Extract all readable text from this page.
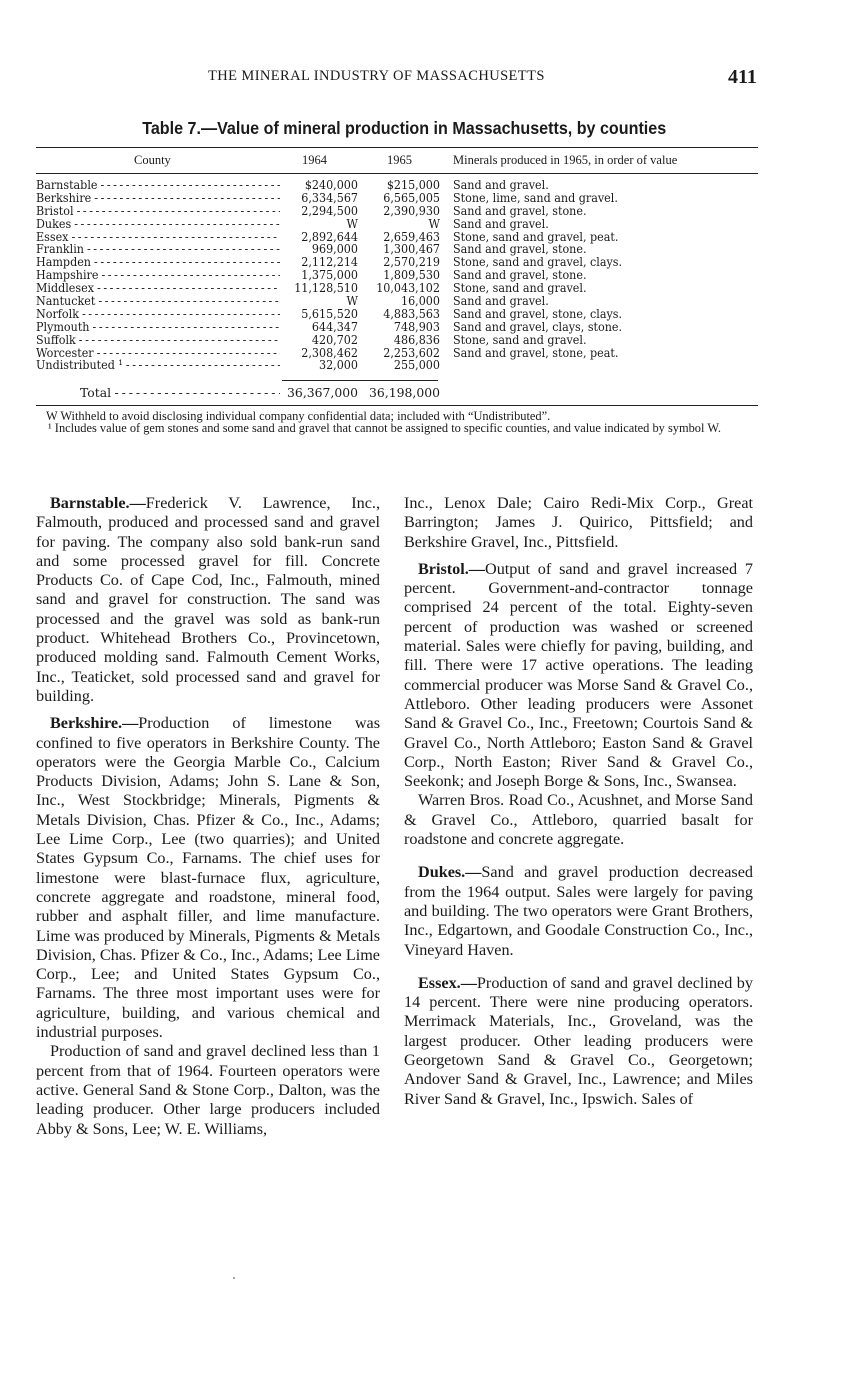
THE MINERAL INDUSTRY OF MASSACHUSETTS	411
Table 7.—Value of mineral production in Massachusetts, by counties
County	1964	1965	Minerals produced in 1965, in order of value
Barnstable - - -	$240,000 $215,000 Sand and gravel.
Berkshire - - -	6,334,567 6,565,005 Stone, lime, sand and gravel.
Bristol - - -	2,294,500 2,390,930 Sand and gravel, stone.
Dukes - - -	W	W Sand and gravel.
Essex - - -	2,892,644 2,659,463 Stone, sand and gravel, peat.
Franklin - - -	969,000 1,300,467 Sand and gravel, stone.
Hampden - - -	2,112,214 2,570,219 Stone, sand and gravel, clays.
Hampshire - - -	1,375,000 1,809,530 Sand and gravel, stone.
Middlesex - - -	11,128,510 10,043,102 Stone, sand and gravel.
Nantucket - - -	W	16,000 Sand and gravel.
Norfolk - - -	5,615,520 4,883,563 Sand and gravel, stone, clays.
Plymouth - - -	644,347	748,903 Sand and gravel, clays, stone.
Suffolk - - -	420,702	486,836 Stone, sand and gravel.
Worcester - - -	2,308,462 2,253,602 Sand and gravel, stone, peat.
Undistributed ¹ - - -	32,000	255,000
Total - - -	36,367,000 36,198,000
W Withheld to avoid disclosing individual company confidential data; included with “Undistributed”.
¹ Includes value of gem stones and some sand and gravel that cannot be assigned to specific counties, and value indicated by symbol W.

Barnstable.—Frederick V. Lawrence, Inc., Falmouth, produced and processed sand and gravel for paving. The company also sold bank-run sand and some processed gravel for fill. Concrete Products Co. of Cape Cod, Inc., Falmouth, mined sand and gravel for construction. The sand was processed and the gravel was sold as bank-run product. Whitehead Brothers Co., Provincetown, produced molding sand. Falmouth Cement Works, Inc., Teaticket, sold processed sand and gravel for building.

Berkshire.—Production of limestone was confined to five operators in Berkshire County. The operators were the Georgia Marble Co., Calcium Products Division, Adams; John S. Lane & Son, Inc., West Stockbridge; Minerals, Pigments & Metals Division, Chas. Pfizer & Co., Inc., Adams; Lee Lime Corp., Lee (two quarries); and United States Gypsum Co., Farnams. The chief uses for limestone were blast-furnace flux, agriculture, concrete aggregate and roadstone, mineral food, rubber and asphalt filler, and lime manufacture. Lime was produced by Minerals, Pigments & Metals Division, Chas. Pfizer & Co., Inc., Adams; Lee Lime Corp., Lee; and United States Gypsum Co., Farnams. The three most important uses were for agriculture, building, and various chemical and industrial purposes.

Production of sand and gravel declined less than 1 percent from that of 1964. Fourteen operators were active. General Sand & Stone Corp., Dalton, was the leading producer. Other large producers included Abby & Sons, Lee; W. E. Williams,

Inc., Lenox Dale; Cairo Redi-Mix Corp., Great Barrington; James J. Quirico, Pittsfield; and Berkshire Gravel, Inc., Pittsfield.

Bristol.—Output of sand and gravel increased 7 percent. Government-and-contractor tonnage comprised 24 percent of the total. Eighty-seven percent of production was washed or screened material. Sales were chiefly for paving, building, and fill. There were 17 active operations. The leading commercial producer was Morse Sand & Gravel Co., Attleboro. Other leading producers were Assonet Sand & Gravel Co., Inc., Freetown; Courtois Sand & Gravel Co., North Attleboro; Easton Sand & Gravel Corp., North Easton; River Sand & Gravel Co., Seekonk; and Joseph Borge & Sons, Inc., Swansea.

Warren Bros. Road Co., Acushnet, and Morse Sand & Gravel Co., Attleboro, quarried basalt for roadstone and concrete aggregate.

Dukes.—Sand and gravel production decreased from the 1964 output. Sales were largely for paving and building. The two operators were Grant Brothers, Inc., Edgartown, and Goodale Construction Co., Inc., Vineyard Haven.

Essex.—Production of sand and gravel declined by 14 percent. There were nine producing operators. Merrimack Materials, Inc., Groveland, was the largest producer. Other leading producers were Georgetown Sand & Gravel Co., Georgetown; Andover Sand & Gravel, Inc., Lawrence; and Miles River Sand & Gravel, Inc., Ipswich. Sales of
